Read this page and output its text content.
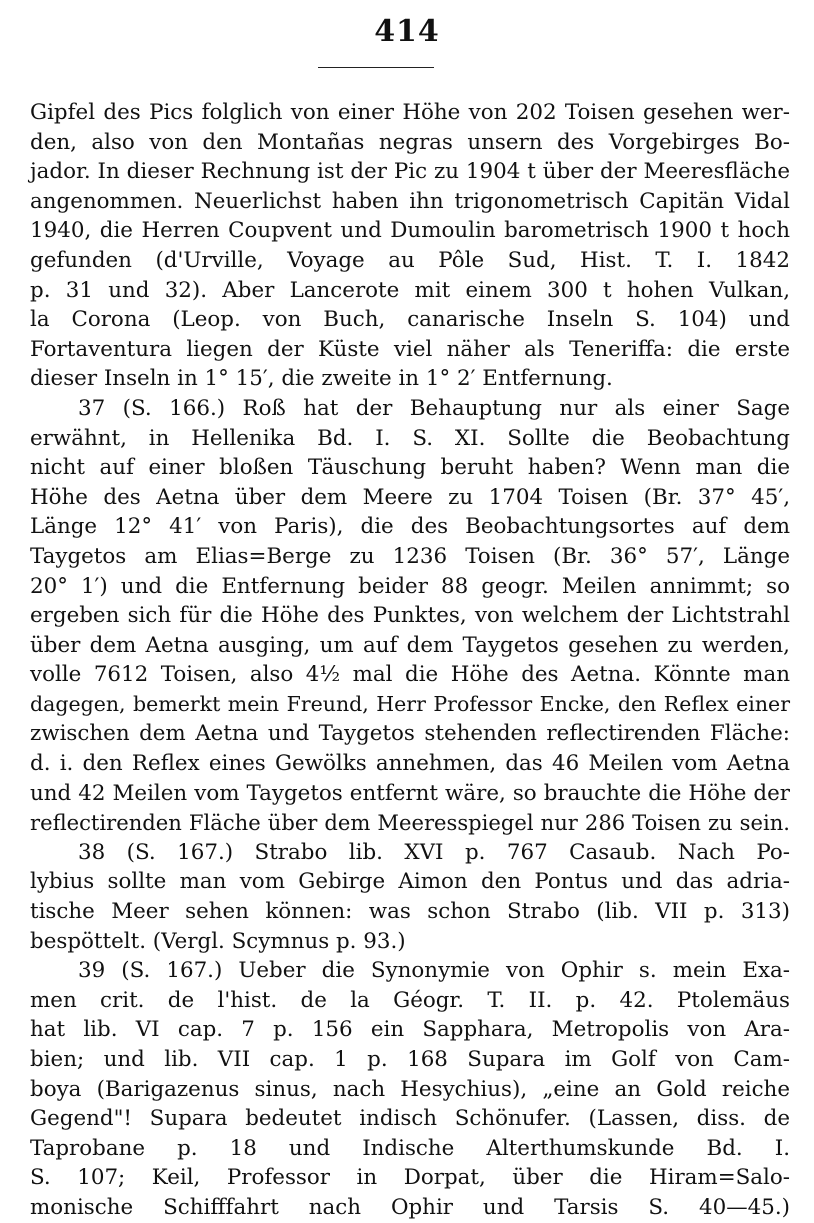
414
Gipfel des Pics folglich von einer Höhe von 202 Toisen gesehen wer-
den, also von den Montañas negras unsern des Vorgebirges Bo-
jador. In dieser Rechnung ist der Pic zu 1904 t über der Meeresfläche
angenommen. Neuerlichst haben ihn trigonometrisch Capitän Vidal
1940, die Herren Coupvent und Dumoulin barometrisch 1900 t hoch
gefunden (d'Urville, Voyage au Pôle Sud, Hist. T. I. 1842
p. 31 und 32). Aber Lancerote mit einem 300 t hohen Vulkan,
la Corona (Leop. von Buch, canarische Inseln S. 104) und
Fortaventura liegen der Küste viel näher als Teneriffa: die erste
dieser Inseln in 1° 15′, die zweite in 1° 2′ Entfernung.
37 (S. 166.) Roß hat der Behauptung nur als einer Sage
erwähnt, in Hellenika Bd. I. S. XI. Sollte die Beobachtung
nicht auf einer bloßen Täuschung beruht haben? Wenn man die
Höhe des Aetna über dem Meere zu 1704 Toisen (Br. 37° 45′,
Länge 12° 41′ von Paris), die des Beobachtungsortes auf dem
Taygetos am Elias=Berge zu 1236 Toisen (Br. 36° 57′, Länge
20° 1′) und die Entfernung beider 88 geogr. Meilen annimmt; so
ergeben sich für die Höhe des Punktes, von welchem der Lichtstrahl
über dem Aetna ausging, um auf dem Taygetos gesehen zu werden,
volle 7612 Toisen, also 4½ mal die Höhe des Aetna. Könnte man
dagegen, bemerkt mein Freund, Herr Professor Encke, den Reflex einer
zwischen dem Aetna und Taygetos stehenden reflectirenden Fläche:
d. i. den Reflex eines Gewölks annehmen, das 46 Meilen vom Aetna
und 42 Meilen vom Taygetos entfernt wäre, so brauchte die Höhe der
reflectirenden Fläche über dem Meeresspiegel nur 286 Toisen zu sein.
38 (S. 167.) Strabo lib. XVI p. 767 Casaub. Nach Po-
lybius sollte man vom Gebirge Aimon den Pontus und das adria-
tische Meer sehen können: was schon Strabo (lib. VII p. 313)
bespöttelt. (Vergl. Scymnus p. 93.)
39 (S. 167.) Ueber die Synonymie von Ophir s. mein Exa-
men crit. de l'hist. de la Géogr. T. II. p. 42. Ptolemäus
hat lib. VI cap. 7 p. 156 ein Sapphara, Metropolis von Ara-
bien; und lib. VII cap. 1 p. 168 Supara im Golf von Cam-
boya (Barigazenus sinus, nach Hesychius), „eine an Gold reiche
Gegend"! Supara bedeutet indisch Schönufer. (Lassen, diss. de
Taprobane p. 18 und Indische Alterthumskunde Bd. I.
S. 107; Keil, Professor in Dorpat, über die Hiram=Salo-
monische Schifffahrt nach Ophir und Tarsis S. 40—45.)
